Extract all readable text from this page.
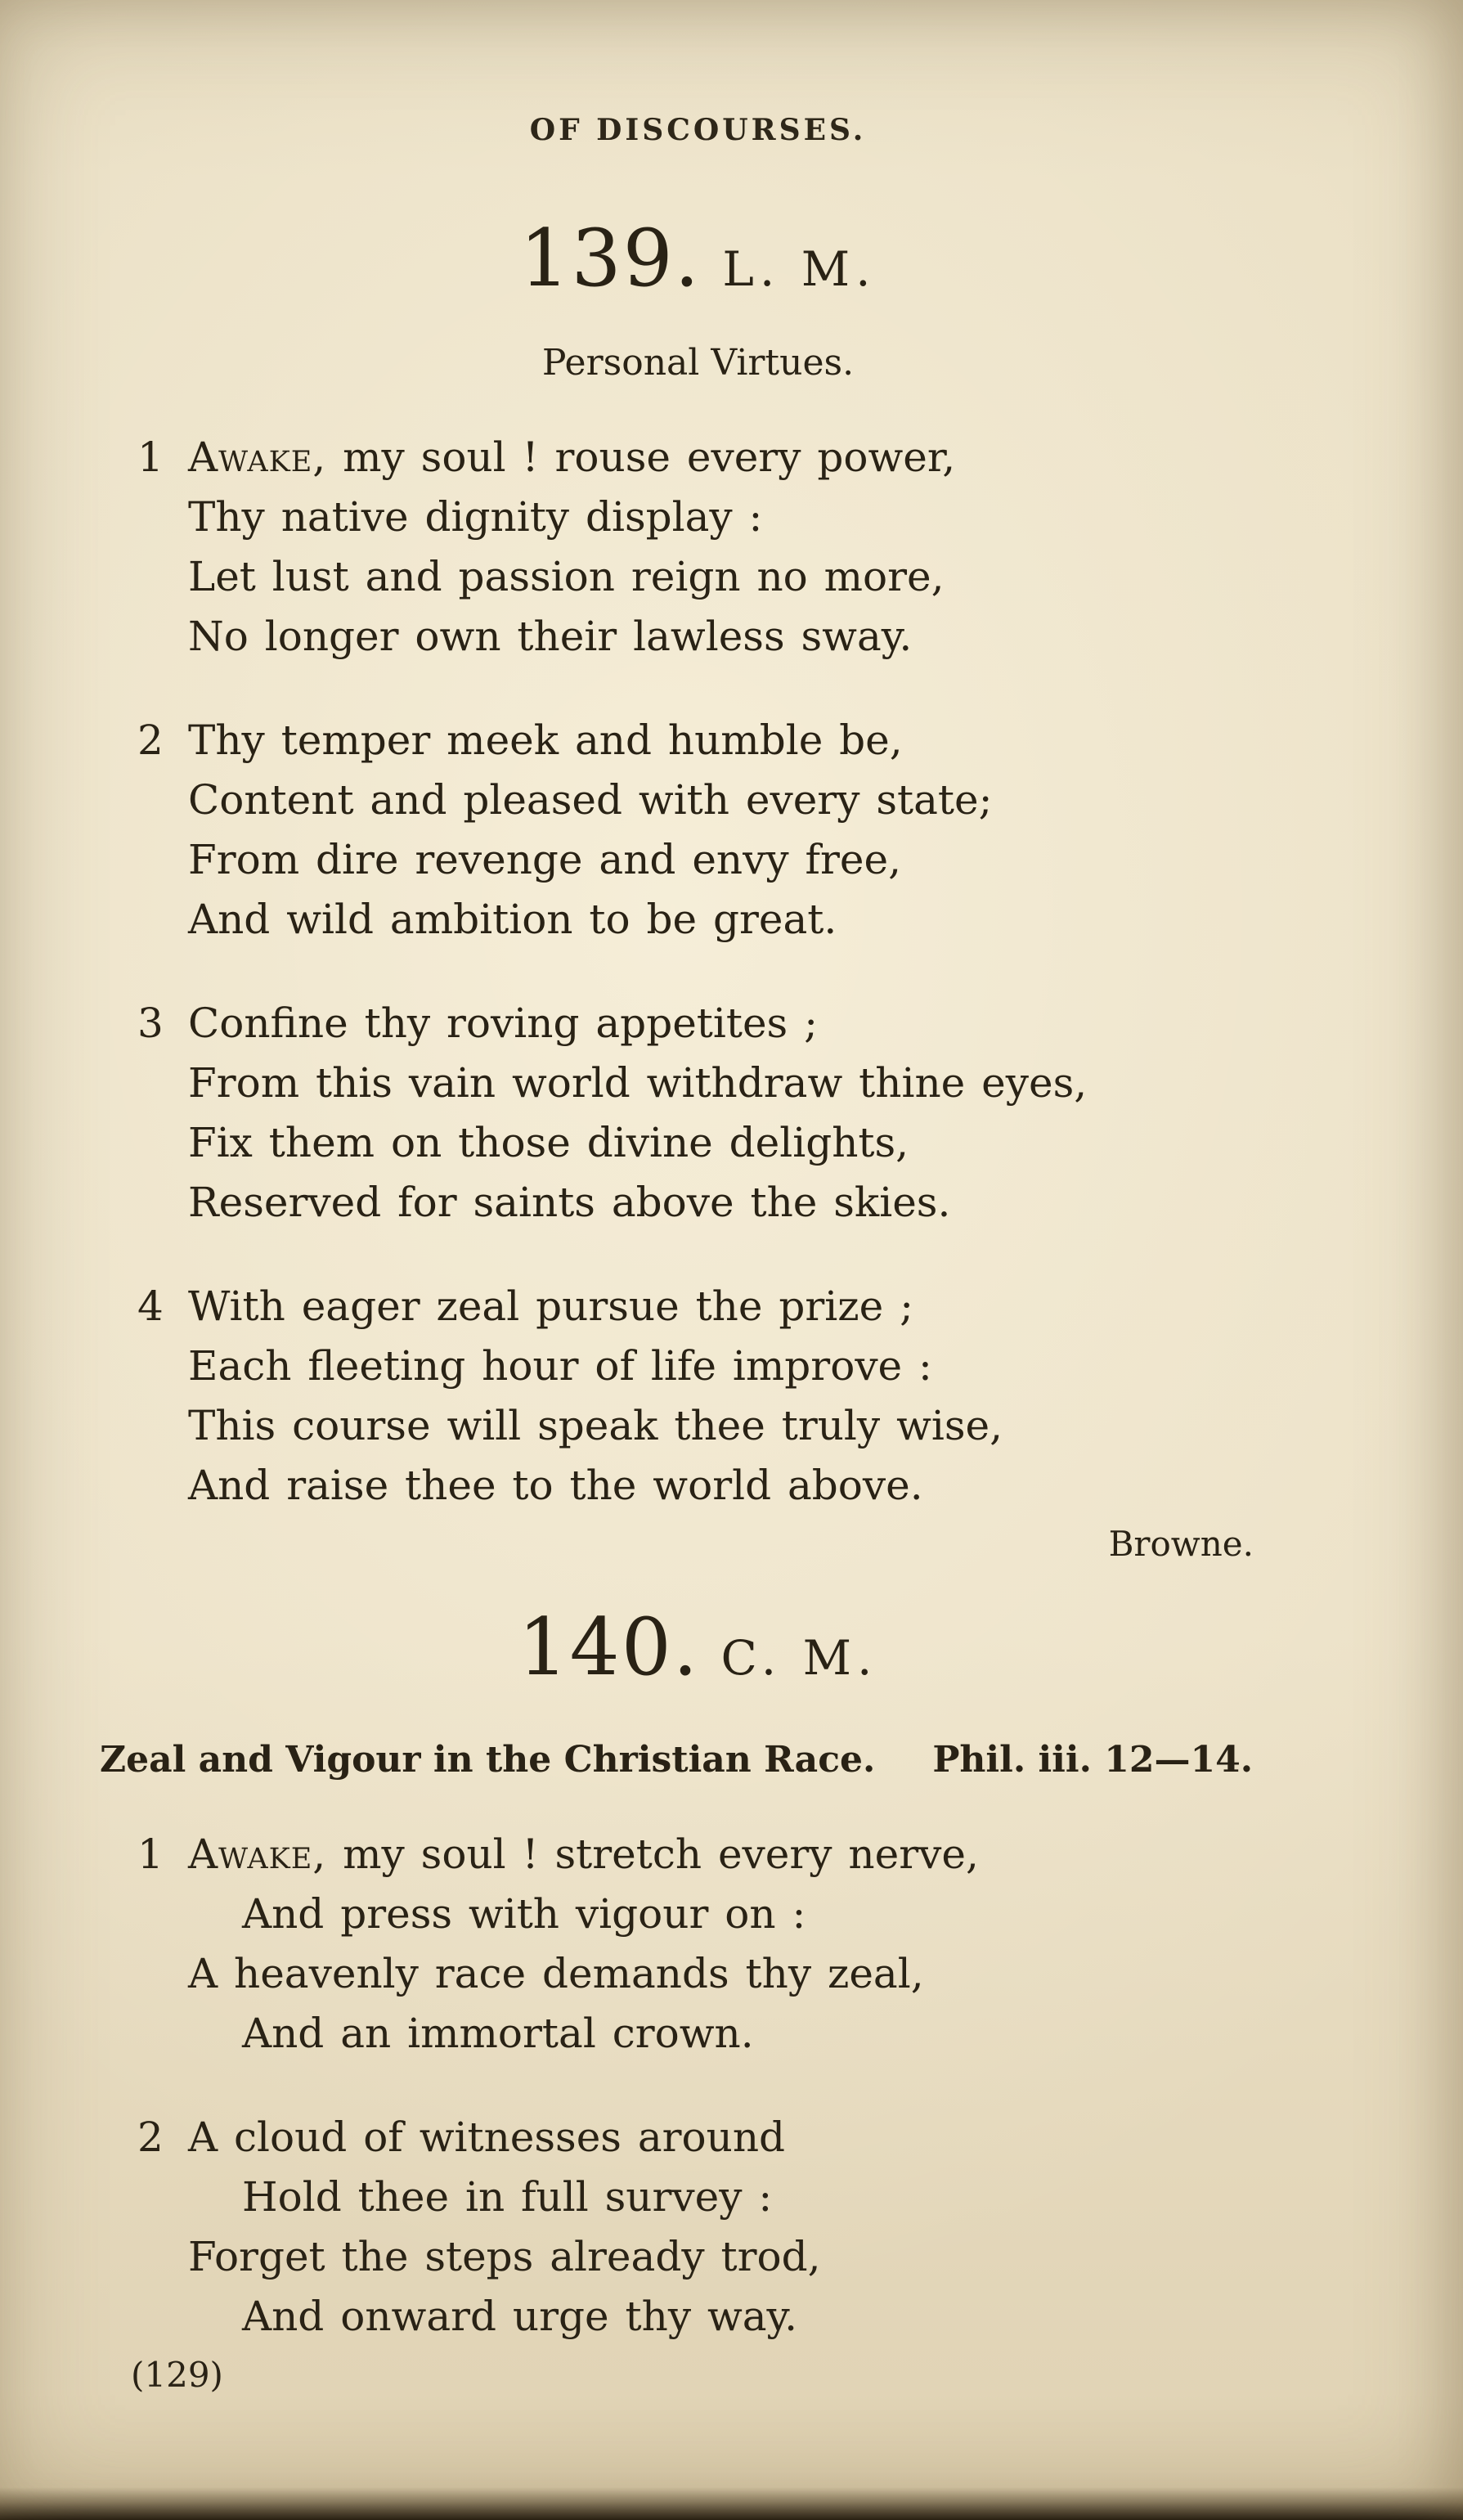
OF DISCOURSES.
139. L. M.
Personal Virtues.
1 Awake, my soul ! rouse every power,
Thy native dignity display :
Let lust and passion reign no more,
No longer own their lawless sway.
2 Thy temper meek and humble be,
Content and pleased with every state;
From dire revenge and envy free,
And wild ambition to be great.
3 Confine thy roving appetites ;
From this vain world withdraw thine eyes,
Fix them on those divine delights,
Reserved for saints above the skies.
4 With eager zeal pursue the prize ;
Each fleeting hour of life improve :
This course will speak thee truly wise,
And raise thee to the world above.
Browne.
140. C. M.
Zeal and Vigour in the Christian Race. Phil. iii. 12—14.
1 Awake, my soul ! stretch every nerve,
And press with vigour on :
A heavenly race demands thy zeal,
And an immortal crown.
2 A cloud of witnesses around
Hold thee in full survey :
Forget the steps already trod,
And onward urge thy way.
(129)
